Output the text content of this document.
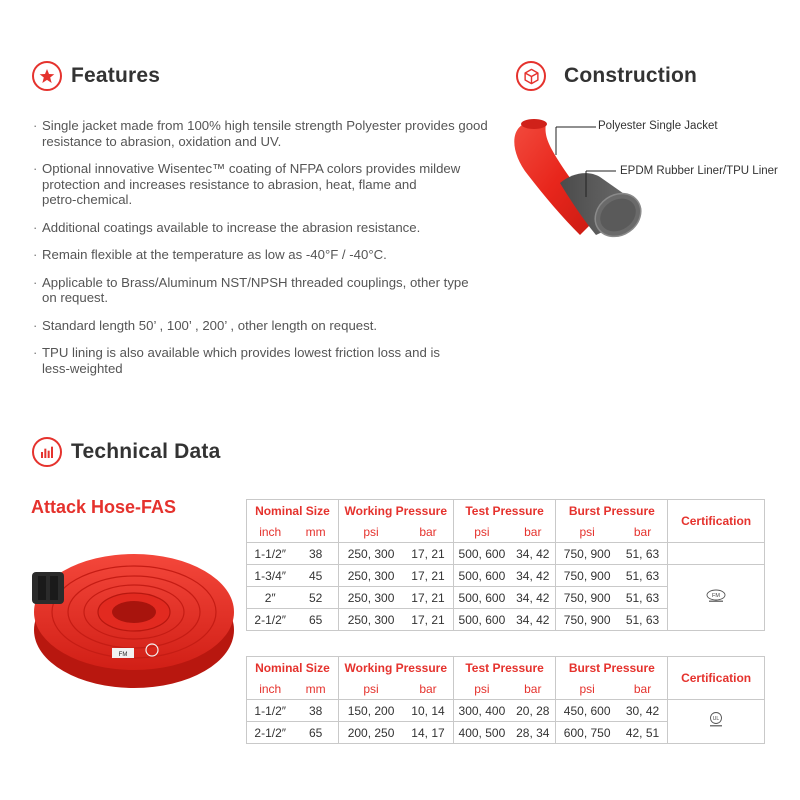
Features
· Single jacket made from 100% high tensile strength Polyester provides good
resistance to abrasion, oxidation and UV.
· Optional innovative Wisentec™ coating of NFPA colors provides mildew
protection and increases resistance to abrasion, heat, flame and
petro-chemical.
· Additional coatings available to increase the abrasion resistance.
· Remain flexible at the temperature as low as -40°F / -40°C.
· Applicable to Brass/Aluminum NST/NPSH threaded couplings, other type
on request.
· Standard length 50’ , 100’ , 200’ , other length on request.
· TPU lining is also available which provides lowest friction loss and is
less-weighted
Construction
Polyester Single Jacket
EPDM Rubber Liner/TPU Liner
Technical Data
Attack Hose-FAS
FM
Nominal Size		Working Pressure		Test Pressure		Burst Pressure		Certification
inch	mm	psi	bar	psi	bar	psi	bar	
1-1/2″	38	250, 300	17, 21	500, 600	34, 42	750, 900	51, 63	
1-3/4″	45	250, 300	17, 21	500, 600	34, 42	750, 900	51, 63	FM

2″	52	250, 300	17, 21	500, 600	34, 42	750, 900	51, 63	
2-1/2″	65	250, 300	17, 21	500, 600	34, 42	750, 900	51, 63	
Nominal Size		Working Pressure		Test Pressure		Burst Pressure		Certification
inch	mm	psi	bar	psi	bar	psi	bar	
1-1/2″	38	150, 200	10, 14	300, 400	20, 28	450, 600	30, 42	UL

2-1/2″	65	200, 250	14, 17	400, 500	28, 34	600, 750	42, 51	
